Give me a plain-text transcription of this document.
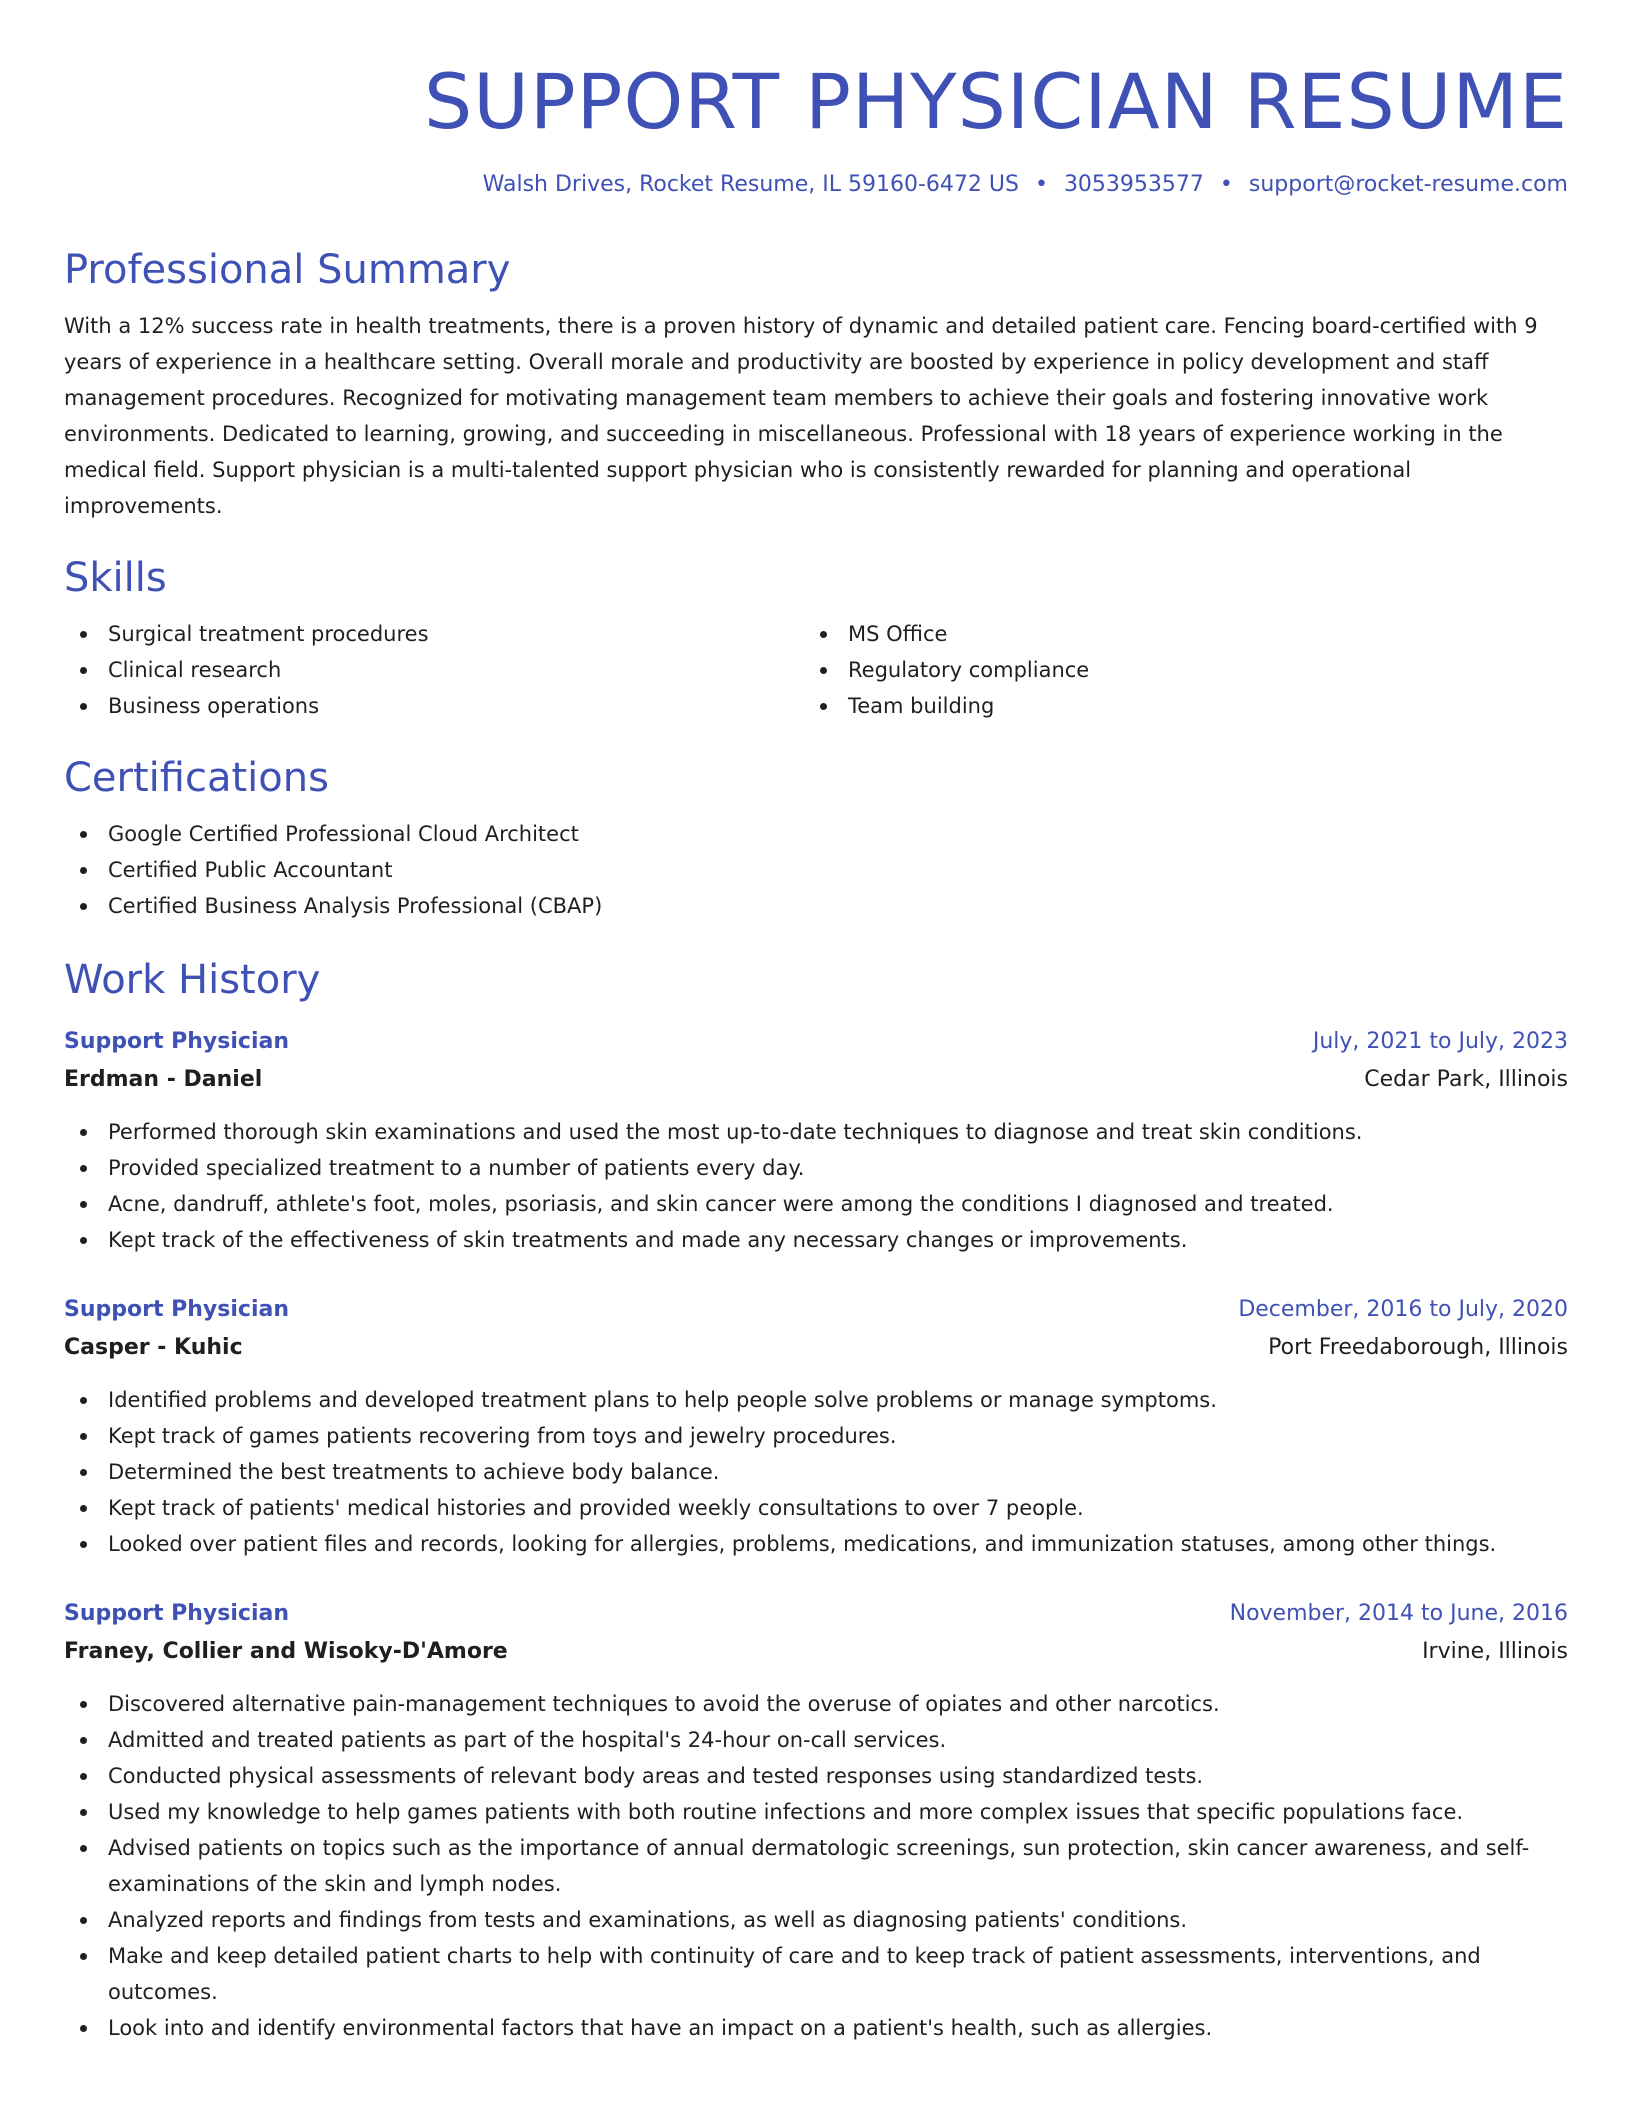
SUPPORT PHYSICIAN RESUME
Walsh Drives, Rocket Resume, IL 59160-6472 US • 3053953577 • support@rocket-resume.com
Professional Summary

With a 12% success rate in health treatments, there is a proven history of dynamic and detailed patient care. Fencing board-certified with 9 years of experience in a healthcare setting. Overall morale and productivity are boosted by experience in policy development and staff management procedures. Recognized for motivating management team members to achieve their goals and fostering innovative work environments. Dedicated to learning, growing, and succeeding in miscellaneous. Professional with 18 years of experience working in the medical field. Support physician is a multi-talented support physician who is consistently rewarded for planning and operational improvements.

Skills
Surgical treatment procedures
Clinical research
Business operations
MS Office
Regulatory compliance
Team building
Certifications
Google Certified Professional Cloud Architect
Certified Public Accountant
Certified Business Analysis Professional (CBAP)
Work History
Support Physician	July, 2021 to July, 2023
Erdman - Daniel	Cedar Park, Illinois
Performed thorough skin examinations and used the most up-to-date techniques to diagnose and treat skin conditions.
Provided specialized treatment to a number of patients every day.
Acne, dandruff, athlete's foot, moles, psoriasis, and skin cancer were among the conditions I diagnosed and treated.
Kept track of the effectiveness of skin treatments and made any necessary changes or improvements.
Support Physician	December, 2016 to July, 2020
Casper - Kuhic	Port Freedaborough, Illinois
Identified problems and developed treatment plans to help people solve problems or manage symptoms.
Kept track of games patients recovering from toys and jewelry procedures.
Determined the best treatments to achieve body balance.
Kept track of patients' medical histories and provided weekly consultations to over 7 people.
Looked over patient files and records, looking for allergies, problems, medications, and immunization statuses, among other things.
Support Physician	November, 2014 to June, 2016
Franey, Collier and Wisoky-D'Amore	Irvine, Illinois
Discovered alternative pain-management techniques to avoid the overuse of opiates and other narcotics.
Admitted and treated patients as part of the hospital's 24-hour on-call services.
Conducted physical assessments of relevant body areas and tested responses using standardized tests.
Used my knowledge to help games patients with both routine infections and more complex issues that specific populations face.
Advised patients on topics such as the importance of annual dermatologic screenings, sun protection, skin cancer awareness, and self-examinations of the skin and lymph nodes.
Analyzed reports and findings from tests and examinations, as well as diagnosing patients' conditions.
Make and keep detailed patient charts to help with continuity of care and to keep track of patient assessments, interventions, and outcomes.
Look into and identify environmental factors that have an impact on a patient's health, such as allergies.
